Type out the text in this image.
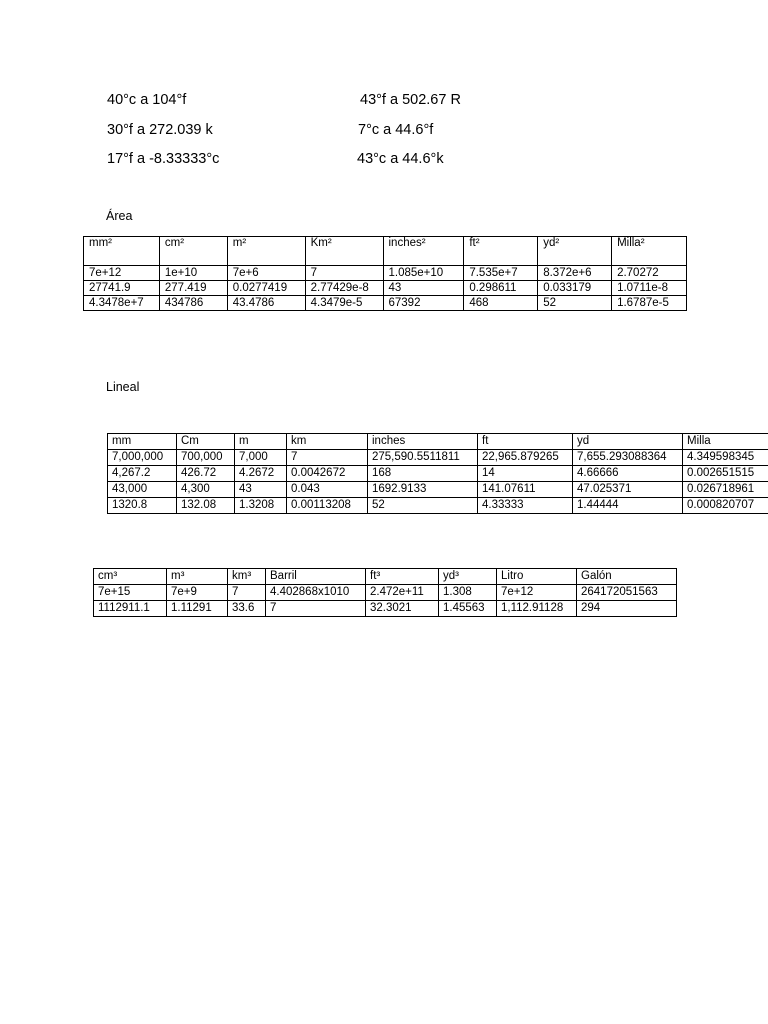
40°c a 104°f	43°f a 502.67 R
30°f a 272.039 k	7°c a 44.6°f
17°f a -8.33333°c	43°c a 44.6°k
Área
mm²	cm²	m²	Km²	inches²	ft²	yd²	Milla²
7e+12	1e+10	7e+6	7	1.085e+10	7.535e+7	8.372e+6	2.70272
27741.9	277.419	0.0277419	2.77429e-8	43	0.298611	0.033179	1.0711e-8
4.3478e+7	434786	43.4786	4.3479e-5	67392	468	52	1.6787e-5
Lineal
mm	Cm	m	km	inches	ft	yd	Milla
7,000,000	700,000	7,000	7	275,590.5511811	22,965.879265	7,655.293088364	4.349598345
4,267.2	426.72	4.2672	0.0042672	168	14	4.66666	0.002651515
43,000	4,300	43	0.043	1692.9133	141.07611	47.025371	0.026718961
1320.8	132.08	1.3208	0.00113208	52	4.33333	1.44444	0.000820707
cm³	m³	km³	Barril	ft³	yd³	Litro	Galón
7e+15	7e+9	7	4.402868x1010	2.472e+11	1.308	7e+12	264172051563
1112911.1	1.11291	33.6	7	32.3021	1.45563	1,112.91128	294
